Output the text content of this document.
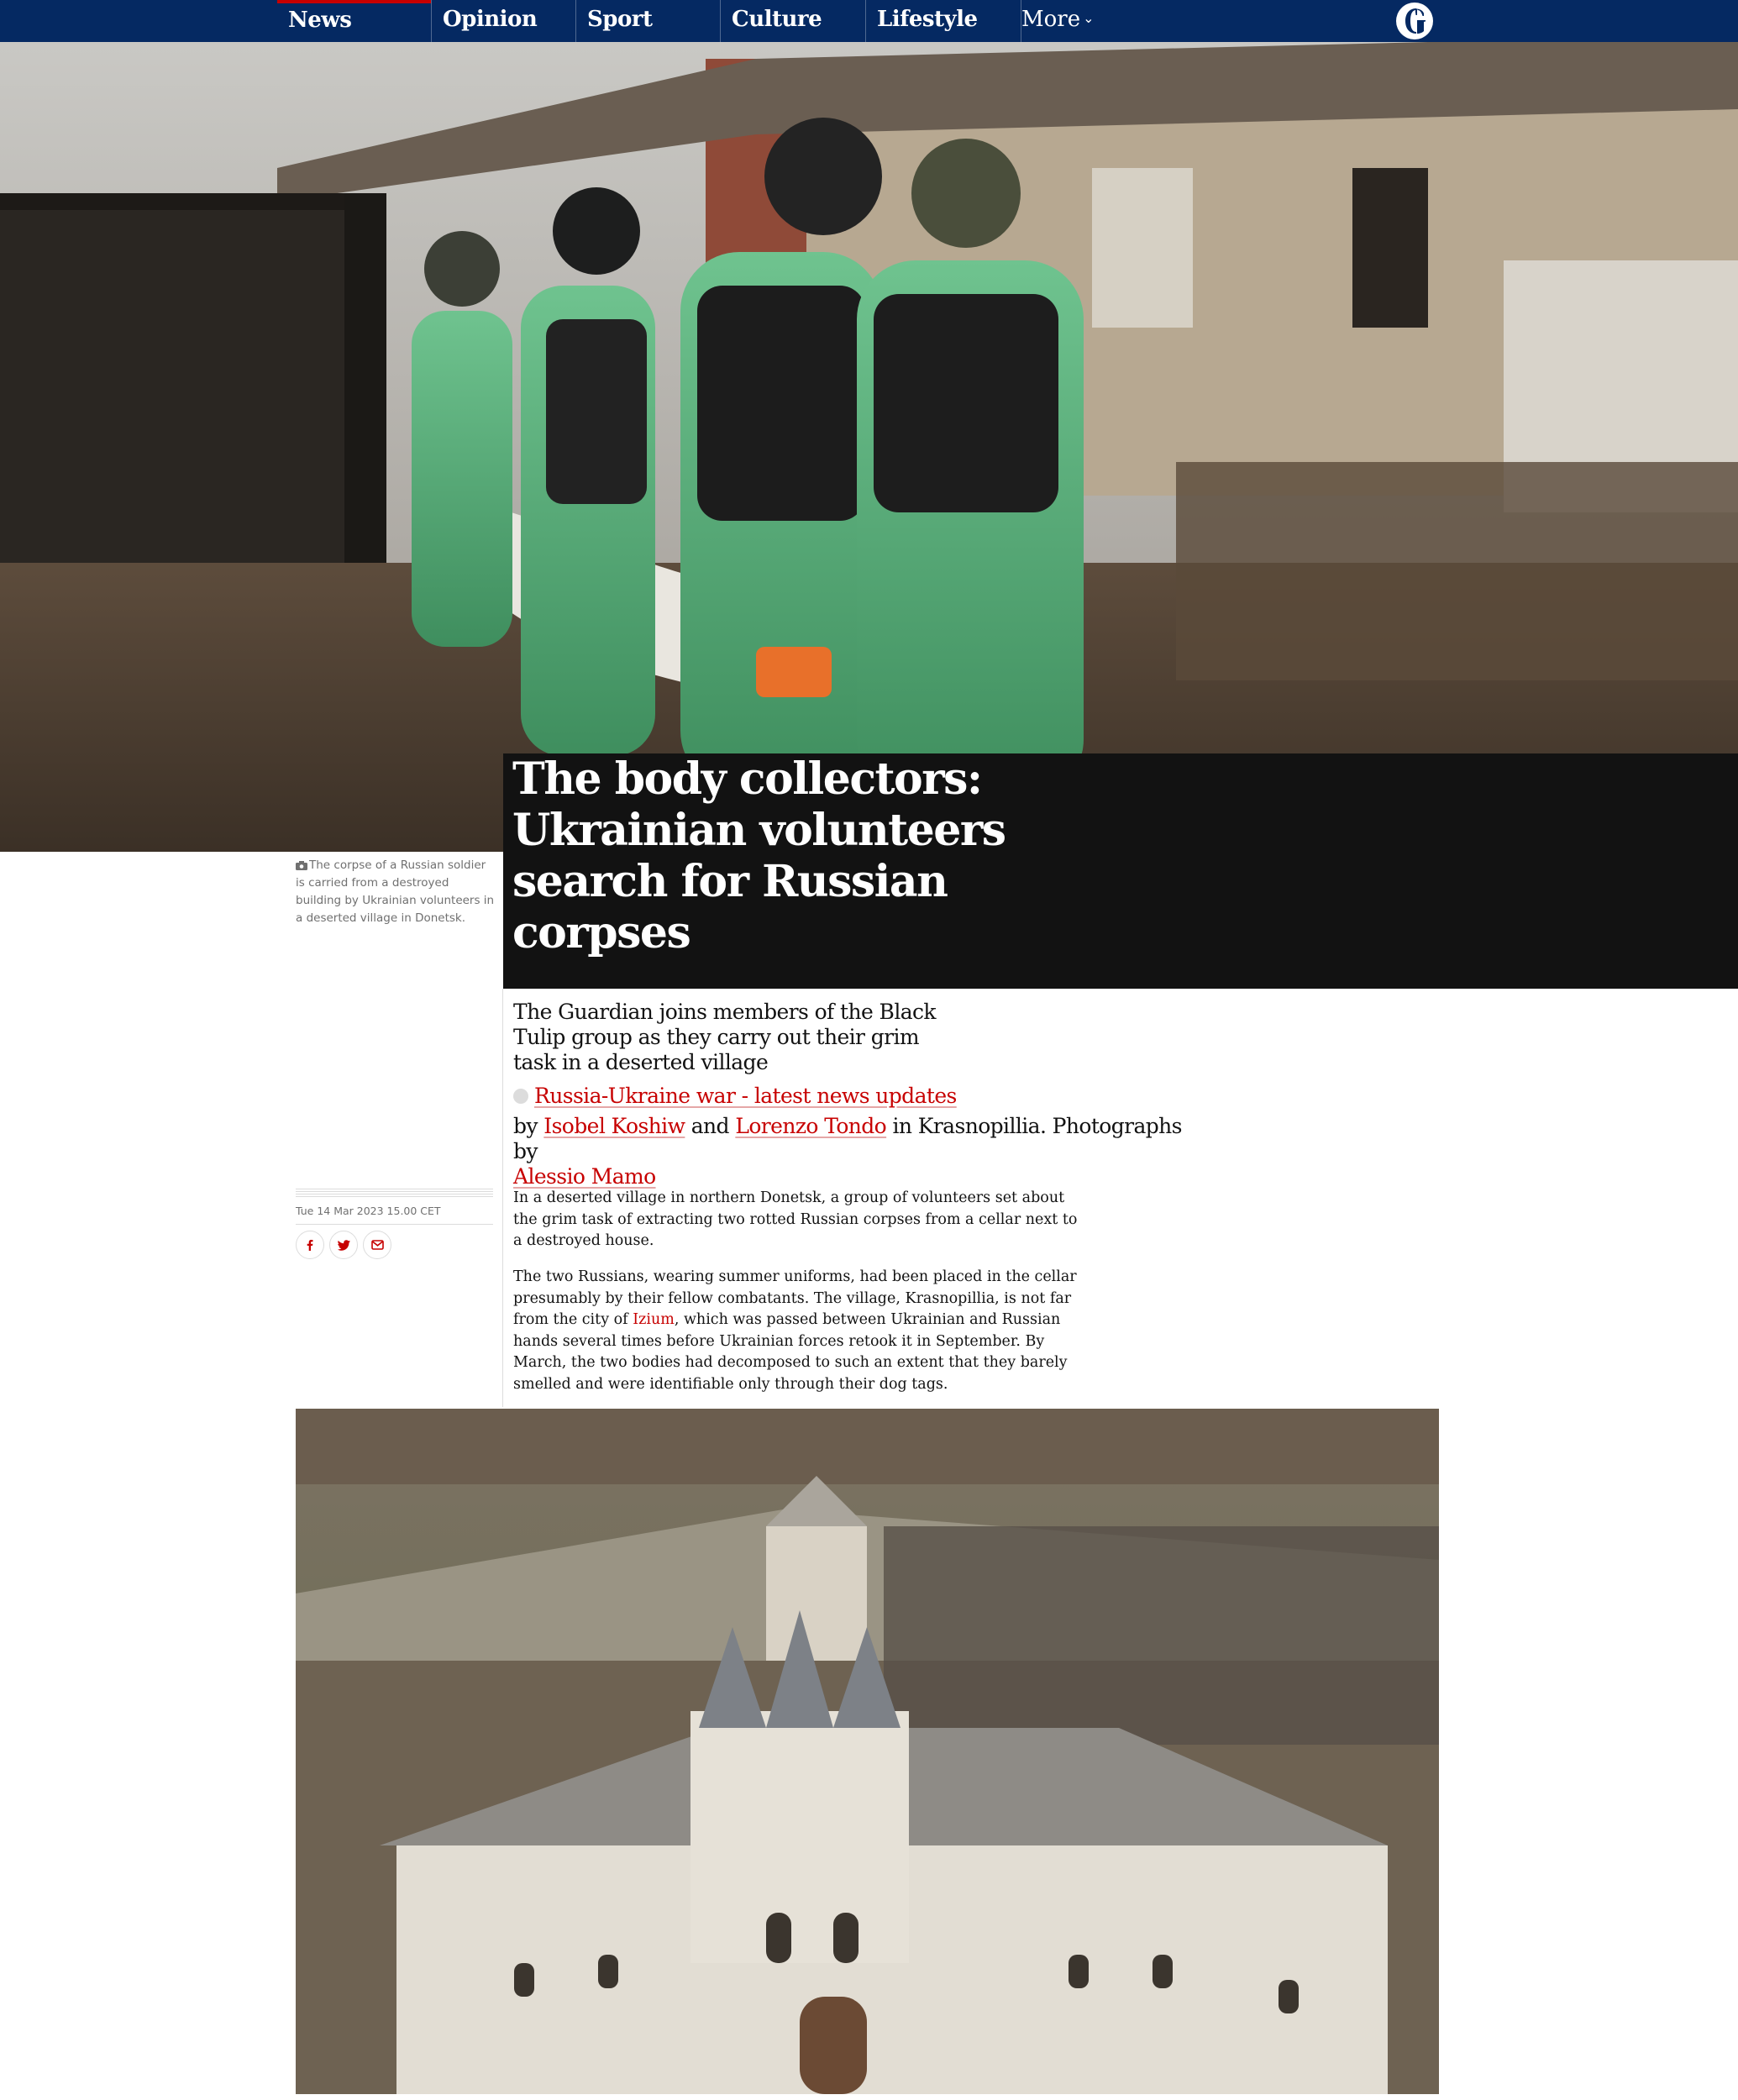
News	Opinion	Sport	Culture	Lifestyle	More ⌄
The body collectors: Ukrainian volunteers search for Russian corpses
The corpse of a Russian soldier is carried from a destroyed building by Ukrainian volunteers in a deserted village in Donetsk.

The Guardian joins members of the Black Tulip group as they carry out their grim task in a deserted village

Russia-Ukraine war - latest news updates
by Isobel Koshiw and Lorenzo Tondo in Krasnopillia. Photographs by
Alessio Mamo
Tue 14 Mar 2023 15.00 CET

In a deserted village in northern Donetsk, a group of volunteers set about the grim task of extracting two rotted Russian corpses from a cellar next to a destroyed house.

The two Russians, wearing summer uniforms, had been placed in the cellar presumably by their fellow combatants. The village, Krasnopillia, is not far from the city of Izium, which was passed between Ukrainian and Russian hands several times before Ukrainian forces retook it in September. By March, the two bodies had decomposed to such an extent that they barely smelled and were identifiable only through their dog tags.
